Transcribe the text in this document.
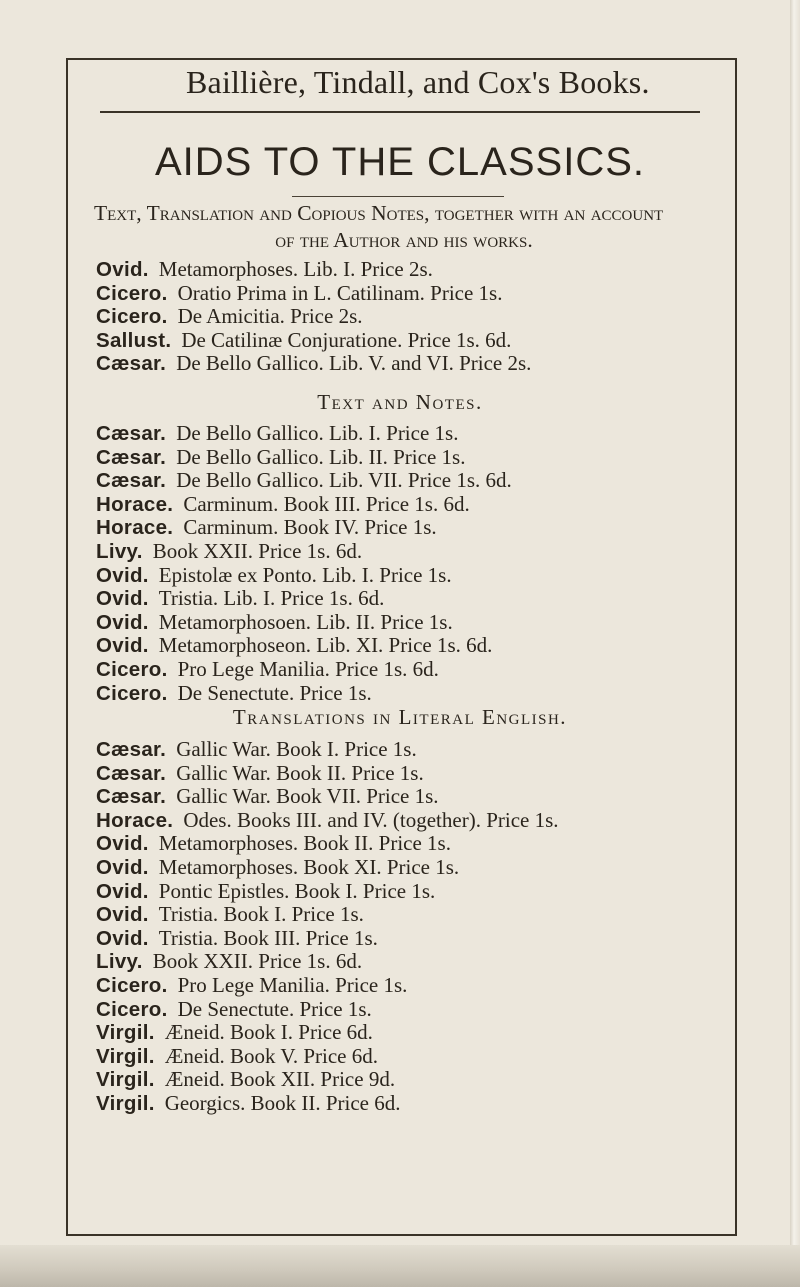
Baillière, Tindall, and Cox's Books.
AIDS TO THE CLASSICS.
Text, Translation and Copious Notes, together with an account
of the Author and his works.
Ovid. Metamorphoses. Lib. I. Price 2s.
Cicero. Oratio Prima in L. Catilinam. Price 1s.
Cicero. De Amicitia. Price 2s.
Sallust. De Catilinæ Conjuratione. Price 1s. 6d.
Cæsar. De Bello Gallico. Lib. V. and VI. Price 2s.
Text and Notes.
Cæsar. De Bello Gallico. Lib. I. Price 1s.
Cæsar. De Bello Gallico. Lib. II. Price 1s.
Cæsar. De Bello Gallico. Lib. VII. Price 1s. 6d.
Horace. Carminum. Book III. Price 1s. 6d.
Horace. Carminum. Book IV. Price 1s.
Livy. Book XXII. Price 1s. 6d.
Ovid. Epistolæ ex Ponto. Lib. I. Price 1s.
Ovid. Tristia. Lib. I. Price 1s. 6d.
Ovid. Metamorphosoen. Lib. II. Price 1s.
Ovid. Metamorphoseon. Lib. XI. Price 1s. 6d.
Cicero. Pro Lege Manilia. Price 1s. 6d.
Cicero. De Senectute. Price 1s.
Translations in Literal English.
Cæsar. Gallic War. Book I. Price 1s.
Cæsar. Gallic War. Book II. Price 1s.
Cæsar. Gallic War. Book VII. Price 1s.
Horace. Odes. Books III. and IV. (together). Price 1s.
Ovid. Metamorphoses. Book II. Price 1s.
Ovid. Metamorphoses. Book XI. Price 1s.
Ovid. Pontic Epistles. Book I. Price 1s.
Ovid. Tristia. Book I. Price 1s.
Ovid. Tristia. Book III. Price 1s.
Livy. Book XXII. Price 1s. 6d.
Cicero. Pro Lege Manilia. Price 1s.
Cicero. De Senectute. Price 1s.
Virgil. Æneid. Book I. Price 6d.
Virgil. Æneid. Book V. Price 6d.
Virgil. Æneid. Book XII. Price 9d.
Virgil. Georgics. Book II. Price 6d.
